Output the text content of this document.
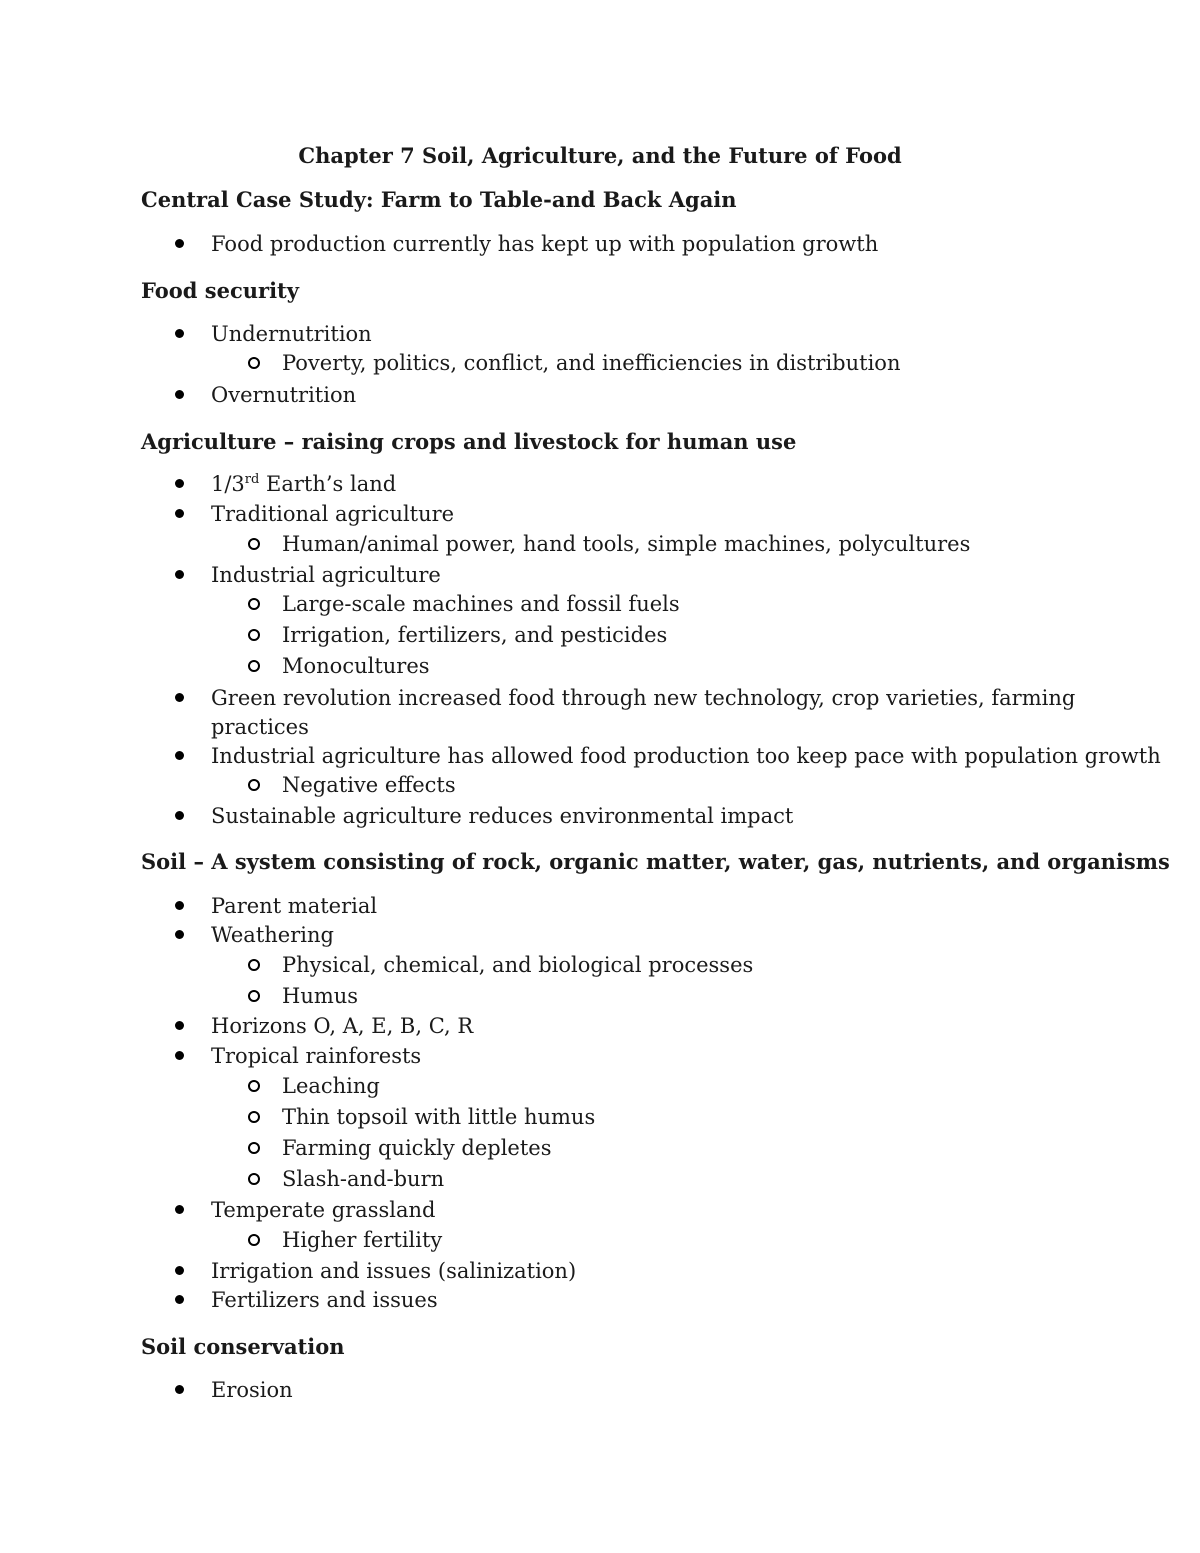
Chapter 7 Soil, Agriculture, and the Future of Food
Central Case Study: Farm to Table-and Back Again
Food production currently has kept up with population growth
Food security
Undernutrition
Poverty, politics, conflict, and inefficiencies in distribution
Overnutrition
Agriculture – raising crops and livestock for human use
1/3rd Earth’s land
Traditional agriculture
Human/animal power, hand tools, simple machines, polycultures
Industrial agriculture
Large-scale machines and fossil fuels
Irrigation, fertilizers, and pesticides
Monocultures
Green revolution increased food through new technology, crop varieties, farming
practices
Industrial agriculture has allowed food production too keep pace with population growth
Negative effects
Sustainable agriculture reduces environmental impact
Soil – A system consisting of rock, organic matter, water, gas, nutrients, and organisms
Parent material
Weathering
Physical, chemical, and biological processes
Humus
Horizons O, A, E, B, C, R
Tropical rainforests
Leaching
Thin topsoil with little humus
Farming quickly depletes
Slash-and-burn
Temperate grassland
Higher fertility
Irrigation and issues (salinization)
Fertilizers and issues
Soil conservation
Erosion
